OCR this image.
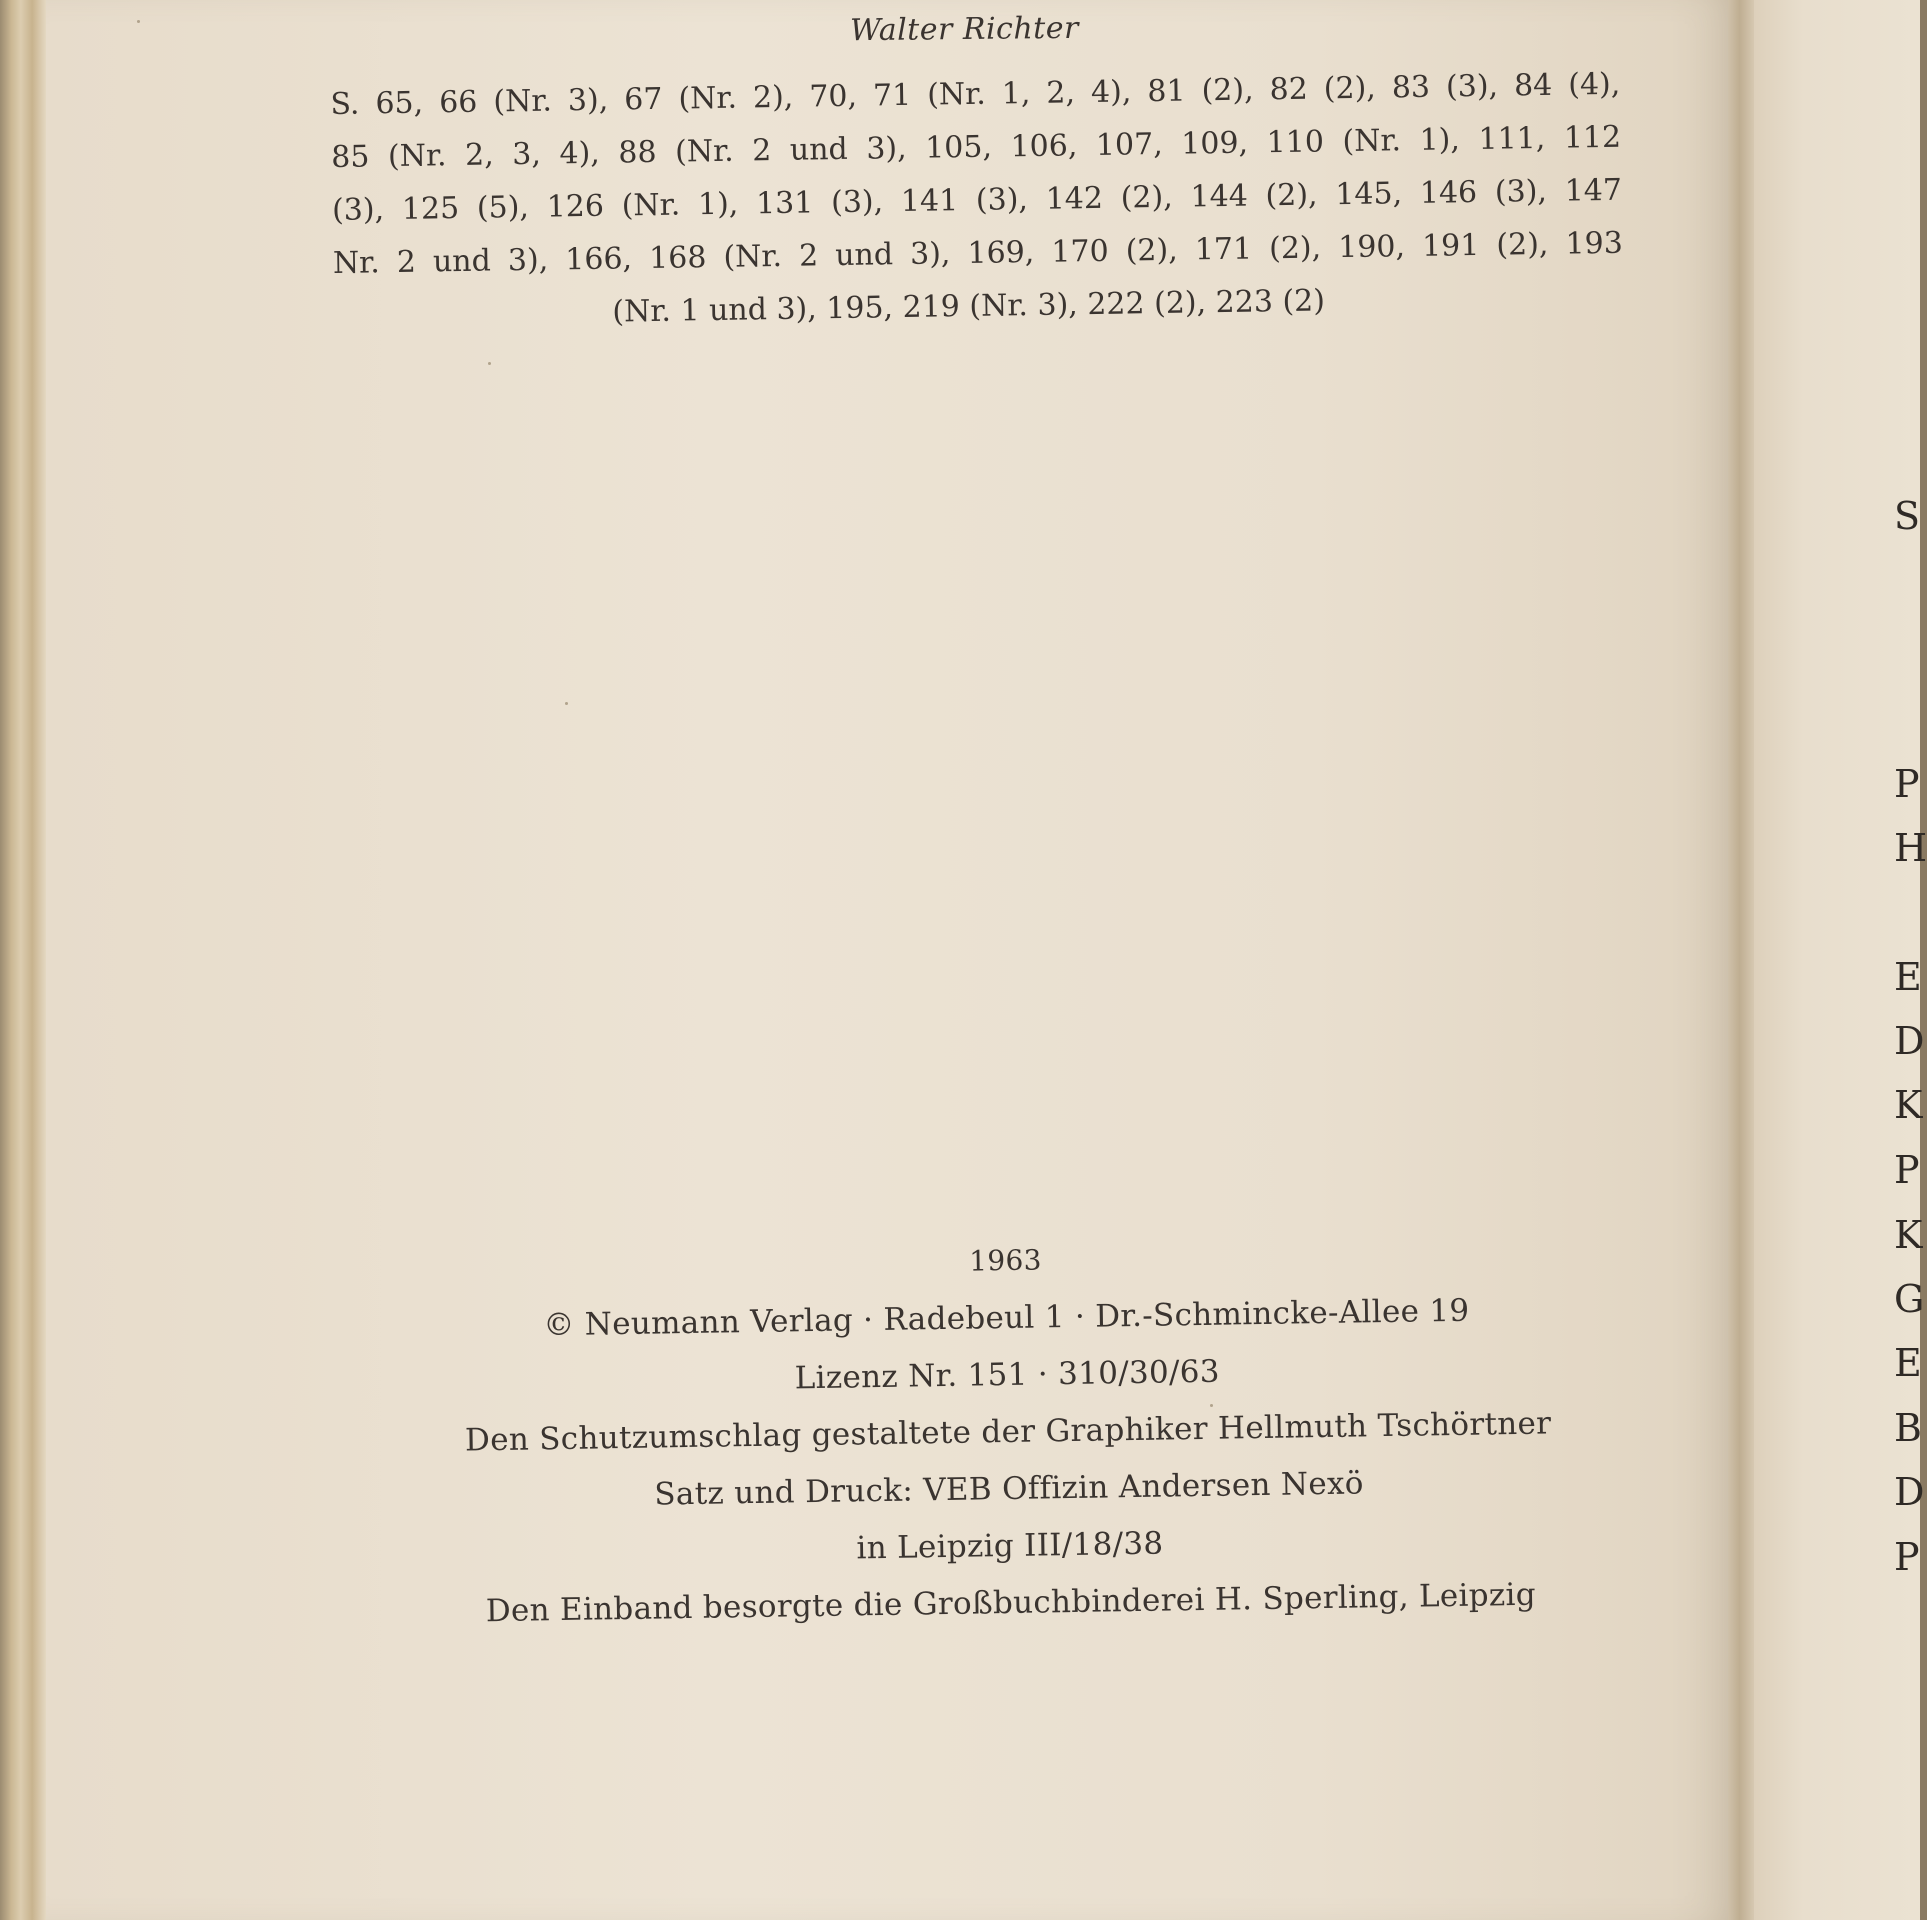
Walter Richter
S. 65, 66 (Nr. 3), 67 (Nr. 2), 70, 71 (Nr. 1, 2, 4), 81 (2), 82 (2), 83 (3), 84 (4),
85 (Nr. 2, 3, 4), 88 (Nr. 2 und 3), 105, 106, 107, 109, 110 (Nr. 1), 111, 112
(3), 125 (5), 126 (Nr. 1), 131 (3), 141 (3), 142 (2), 144 (2), 145, 146 (3), 147
Nr. 2 und 3), 166, 168 (Nr. 2 und 3), 169, 170 (2), 171 (2), 190, 191 (2), 193
(Nr. 1 und 3), 195, 219 (Nr. 3), 222 (2), 223 (2)
1963
© Neumann Verlag · Radebeul 1 · Dr.-Schmincke-Allee 19
Lizenz Nr. 151 · 310/30/63
Den Schutzumschlag gestaltete der Graphiker Hellmuth Tschörtner
Satz und Druck: VEB Offizin Andersen Nexö
in Leipzig III/18/38
Den Einband besorgte die Großbuchbinderei H. Sperling, Leipzig
S
P
H
E
D
K
P
K
G
E
B
D
P
